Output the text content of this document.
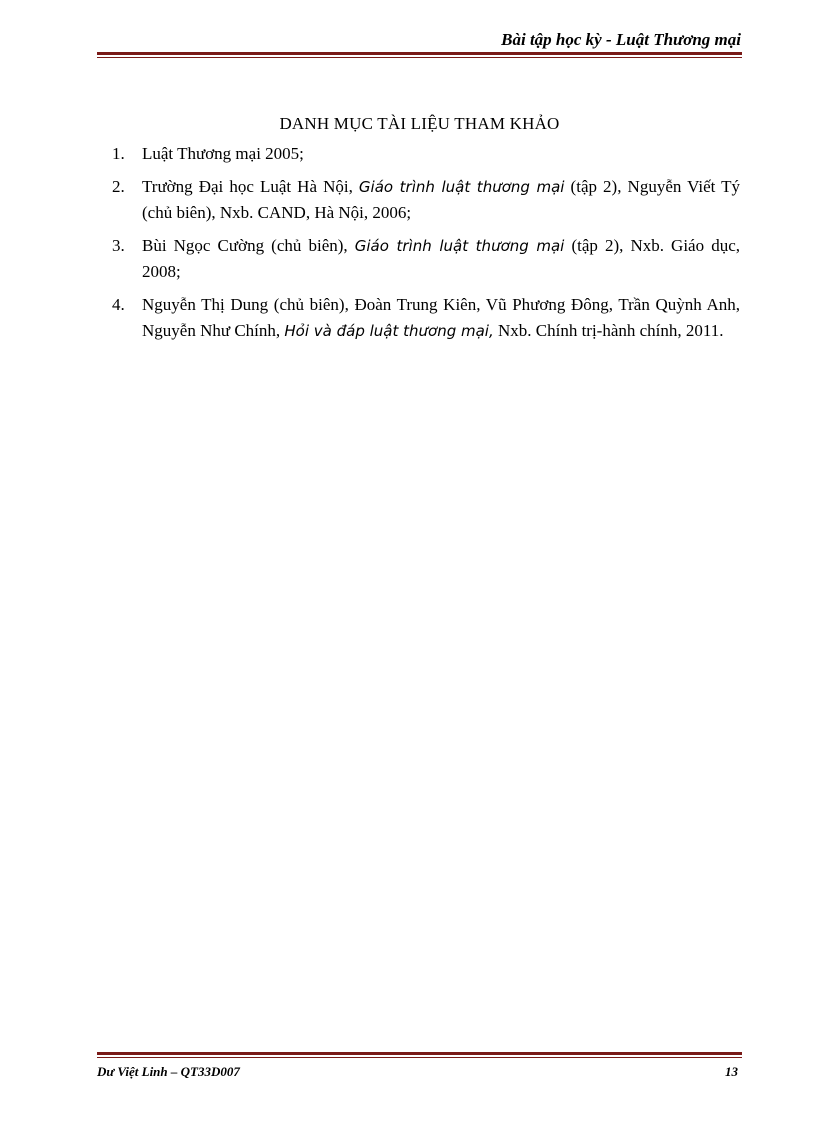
Bài tập học kỳ - Luật Thương mại
DANH MỤC TÀI LIỆU THAM KHẢO
1. Luật Thương mại 2005;
2. Trường Đại học Luật Hà Nội, Giáo trình luật thương mại (tập 2), Nguyễn Viết Tý (chủ biên), Nxb. CAND, Hà Nội, 2006;
3. Bùi Ngọc Cường (chủ biên), Giáo trình luật thương mại (tập 2), Nxb. Giáo dục, 2008;
4. Nguyễn Thị Dung (chủ biên), Đoàn Trung Kiên, Vũ Phương Đông, Trần Quỳnh Anh, Nguyễn Như Chính, Hỏi và đáp luật thương mại, Nxb. Chính trị-hành chính, 2011.
Dư Việt Linh – QT33D007	13
